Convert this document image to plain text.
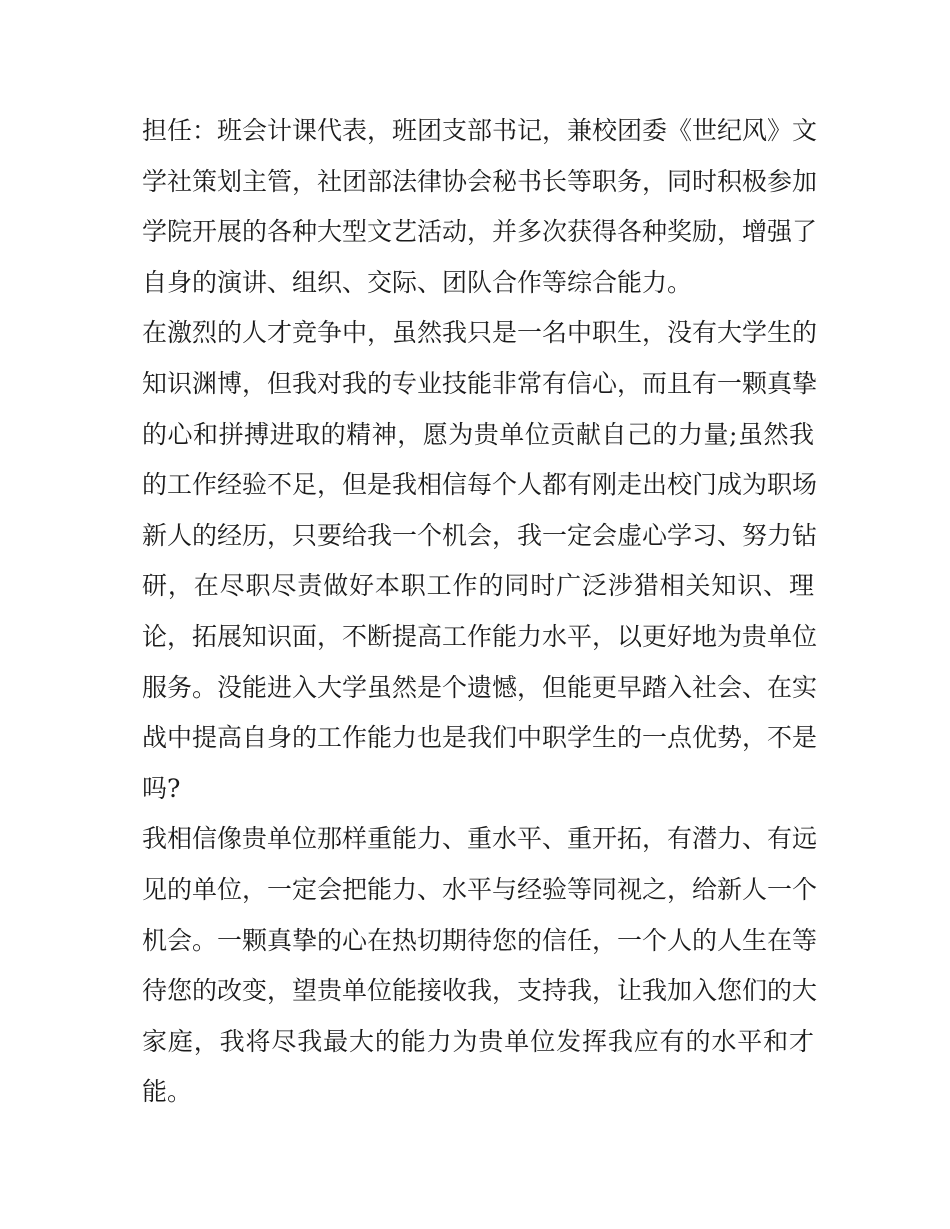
担任：班会计课代表，班团支部书记，兼校团委《世纪风》文
学社策划主管，社团部法律协会秘书长等职务，同时积极参加
学院开展的各种大型文艺活动，并多次获得各种奖励，增强了
自身的演讲、组织、交际、团队合作等综合能力。
在激烈的人才竞争中，虽然我只是一名中职生，没有大学生的
知识渊博，但我对我的专业技能非常有信心，而且有一颗真挚
的心和拼搏进取的精神，愿为贵单位贡献自己的力量;虽然我
的工作经验不足，但是我相信每个人都有刚走出校门成为职场
新人的经历，只要给我一个机会，我一定会虚心学习、努力钻
研，在尽职尽责做好本职工作的同时广泛涉猎相关知识、理
论，拓展知识面，不断提高工作能力水平，以更好地为贵单位
服务。没能进入大学虽然是个遗憾，但能更早踏入社会、在实
战中提高自身的工作能力也是我们中职学生的一点优势，不是
吗?
我相信像贵单位那样重能力、重水平、重开拓，有潜力、有远
见的单位，一定会把能力、水平与经验等同视之，给新人一个
机会。一颗真挚的心在热切期待您的信任，一个人的人生在等
待您的改变，望贵单位能接收我，支持我，让我加入您们的大
家庭，我将尽我最大的能力为贵单位发挥我应有的水平和才
能。
